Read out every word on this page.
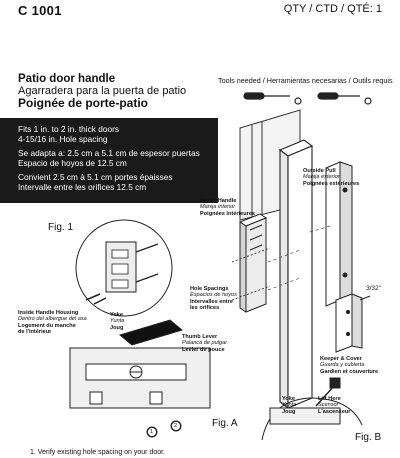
C 1001	QTY / CTD / QTÉ: 1
Patio door handle
Agarradera para la puerta de patio
Poignée de porte-patio
Tools needed / Herramientas necesarias / Outils requis
Fits 1 in. to 2 in. thick doors
4-15/16 in. Hole spacing
Se adapta a: 2.5 cm a 5.1 cm de espesor puertas
Espacio de hoyos de 12.5 cm
Convient 2.5 cm à 5.1 cm portes épaisses
Intervalle entre les orifices 12.5 cm
Fig. 1
Fig. A
Fig. B
Outside Pull
Manija exterior
Poignées extérieures
Inside Handle
Manija interior
Poignées intérieures
Hole Spacings
Espacios de hoyos
Intervalles entre
les orifices
3/32"
Keeper & Cover
Guarda y cubierta
Gardien et couverture
Inside Handle Housing
Dentro del albergue del asa
Logement du manche
de l'intérieur
Yoke
Yunta
Joug
Thumb Lever
Palanca de pulgar
Levier de pouce
1
2
Yoke
Yunta
Joug
Lift Here
Scensor
L'ascenseur
1. Verify existing hole spacing on your door.
